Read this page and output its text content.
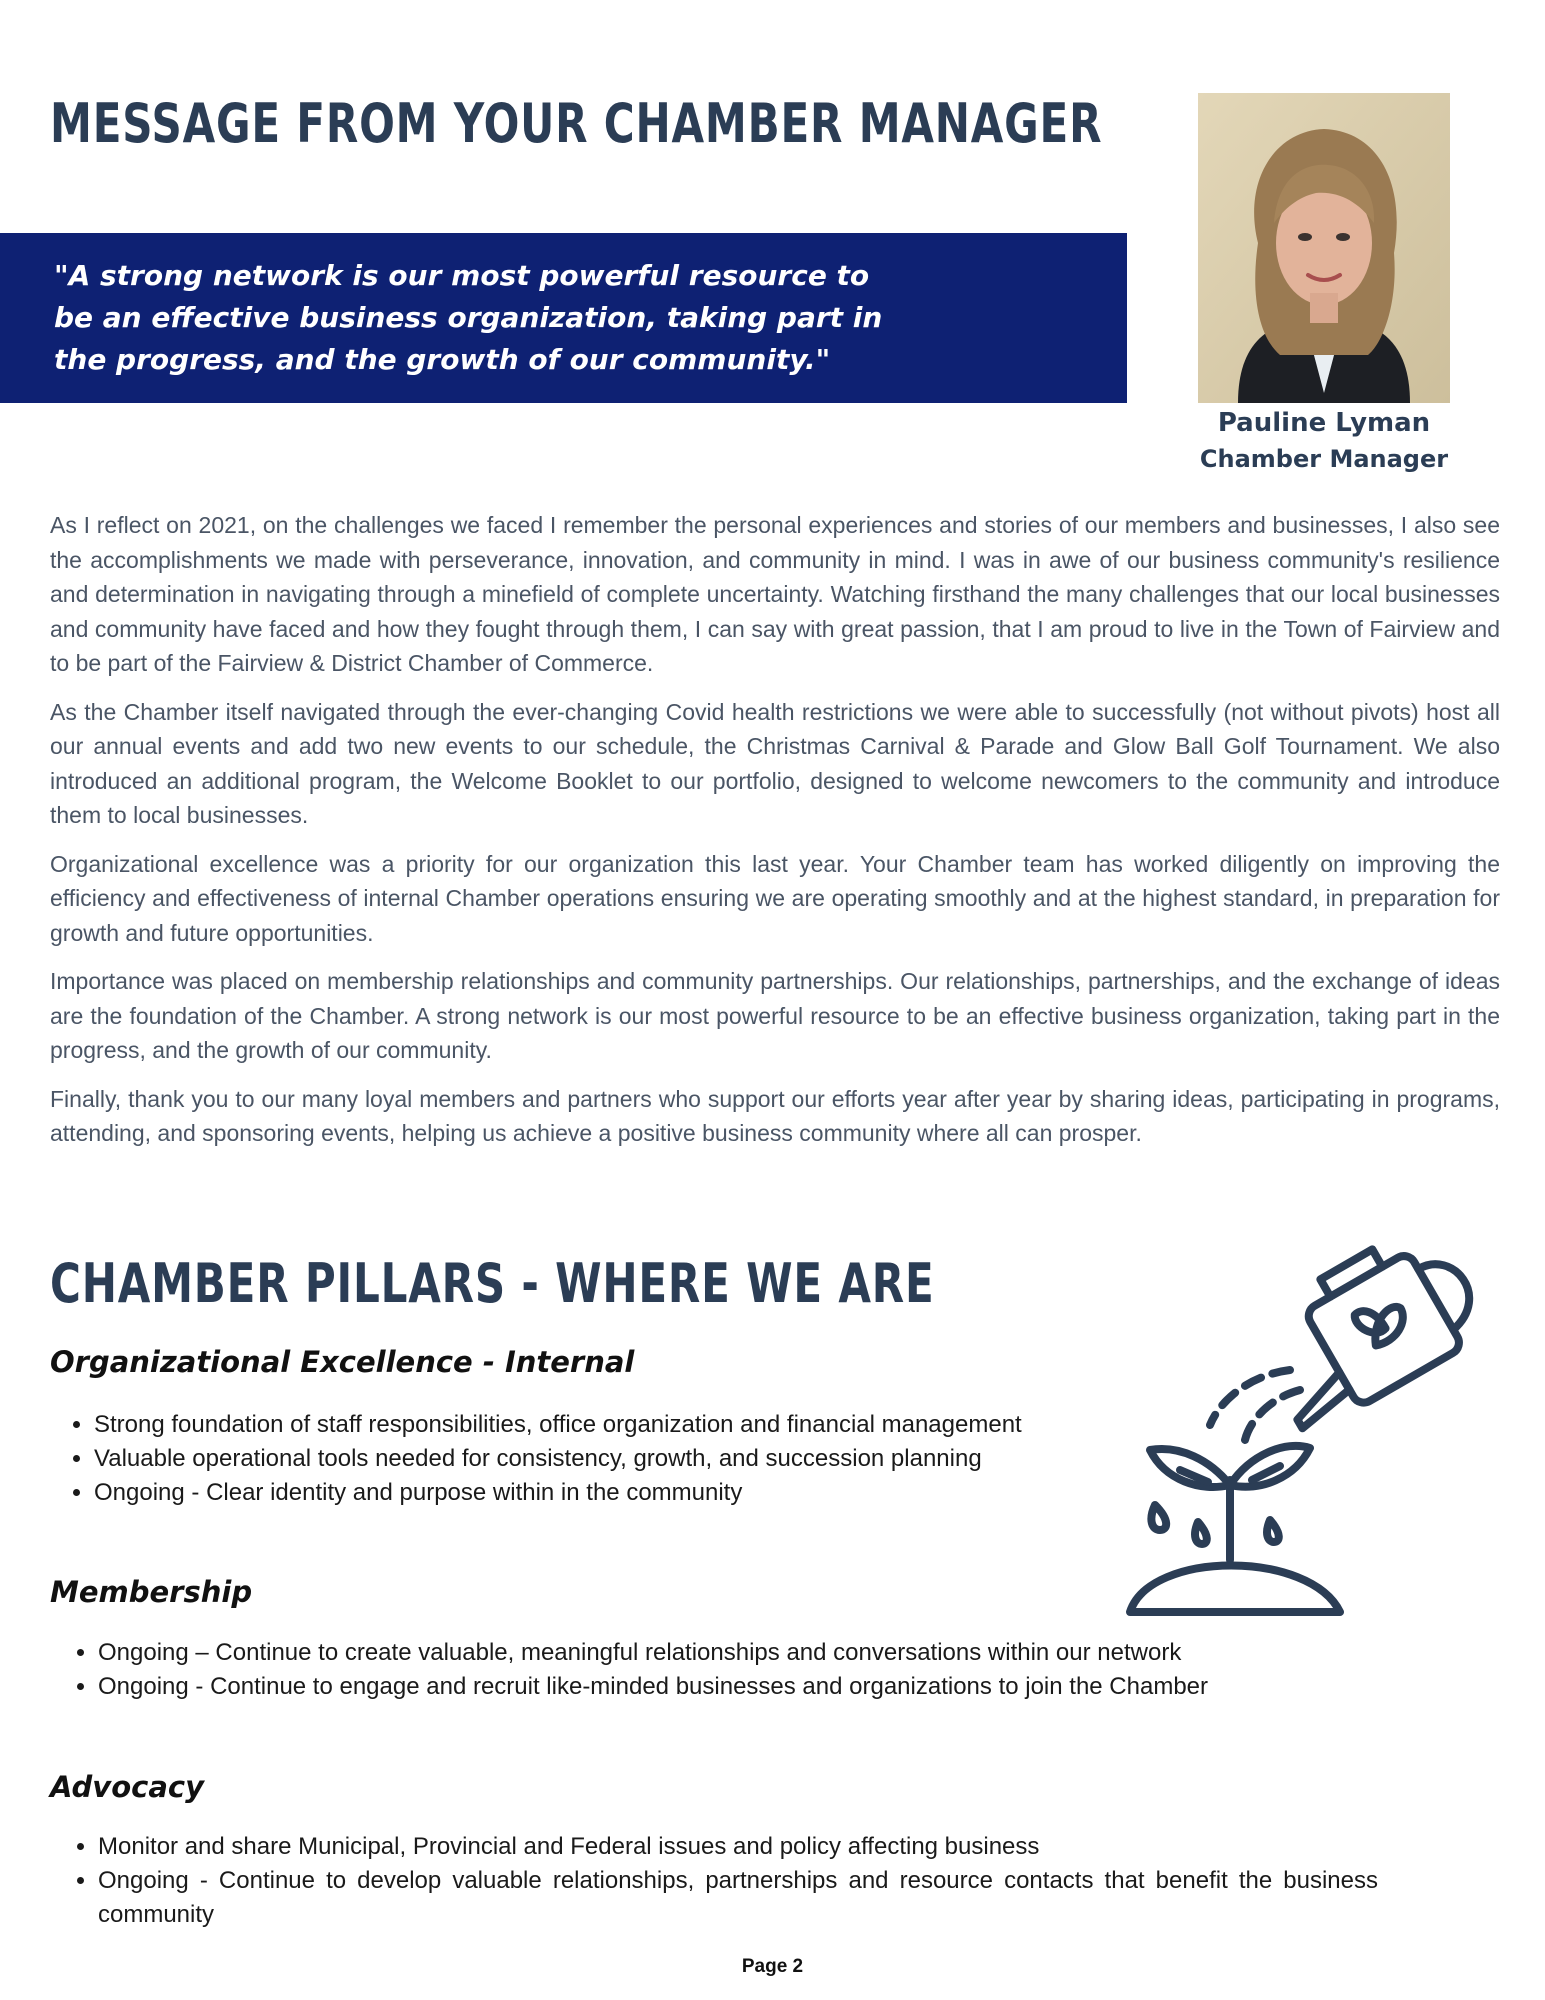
MESSAGE FROM YOUR CHAMBER MANAGER
"A strong network is our most powerful resource to be an effective business organization, taking part in the progress, and the growth of our community."
Pauline Lyman
Chamber Manager

As I reflect on 2021, on the challenges we faced I remember the personal experiences and stories of our members and businesses, I also see the accomplishments we made with perseverance, innovation, and community in mind. I was in awe of our business community's resilience and determination in navigating through a minefield of complete uncertainty. Watching firsthand the many challenges that our local businesses and community have faced and how they fought through them, I can say with great passion, that I am proud to live in the Town of Fairview and to be part of the Fairview & District Chamber of Commerce.

As the Chamber itself navigated through the ever-changing Covid health restrictions we were able to successfully (not without pivots) host all our annual events and add two new events to our schedule, the Christmas Carnival & Parade and Glow Ball Golf Tournament. We also introduced an additional program, the Welcome Booklet to our portfolio, designed to welcome newcomers to the community and introduce them to local businesses.

Organizational excellence was a priority for our organization this last year. Your Chamber team has worked diligently on improving the efficiency and effectiveness of internal Chamber operations ensuring we are operating smoothly and at the highest standard, in preparation for growth and future opportunities.

Importance was placed on membership relationships and community partnerships. Our relationships, partnerships, and the exchange of ideas are the foundation of the Chamber. A strong network is our most powerful resource to be an effective business organization, taking part in the progress, and the growth of our community.

Finally, thank you to our many loyal members and partners who support our efforts year after year by sharing ideas, participating in programs, attending, and sponsoring events, helping us achieve a positive business community where all can prosper.

CHAMBER PILLARS - WHERE WE ARE
Organizational Excellence - Internal
• Strong foundation of staff responsibilities, office organization and financial management
• Valuable operational tools needed for consistency, growth, and succession planning
• Ongoing - Clear identity and purpose within in the community
Membership
• Ongoing – Continue to create valuable, meaningful relationships and conversations within our network
• Ongoing - Continue to engage and recruit like-minded businesses and organizations to join the Chamber
Advocacy
• Monitor and share Municipal, Provincial and Federal issues and policy affecting business
• Ongoing - Continue to develop valuable relationships, partnerships and resource contacts that benefit the business community
Page 2
